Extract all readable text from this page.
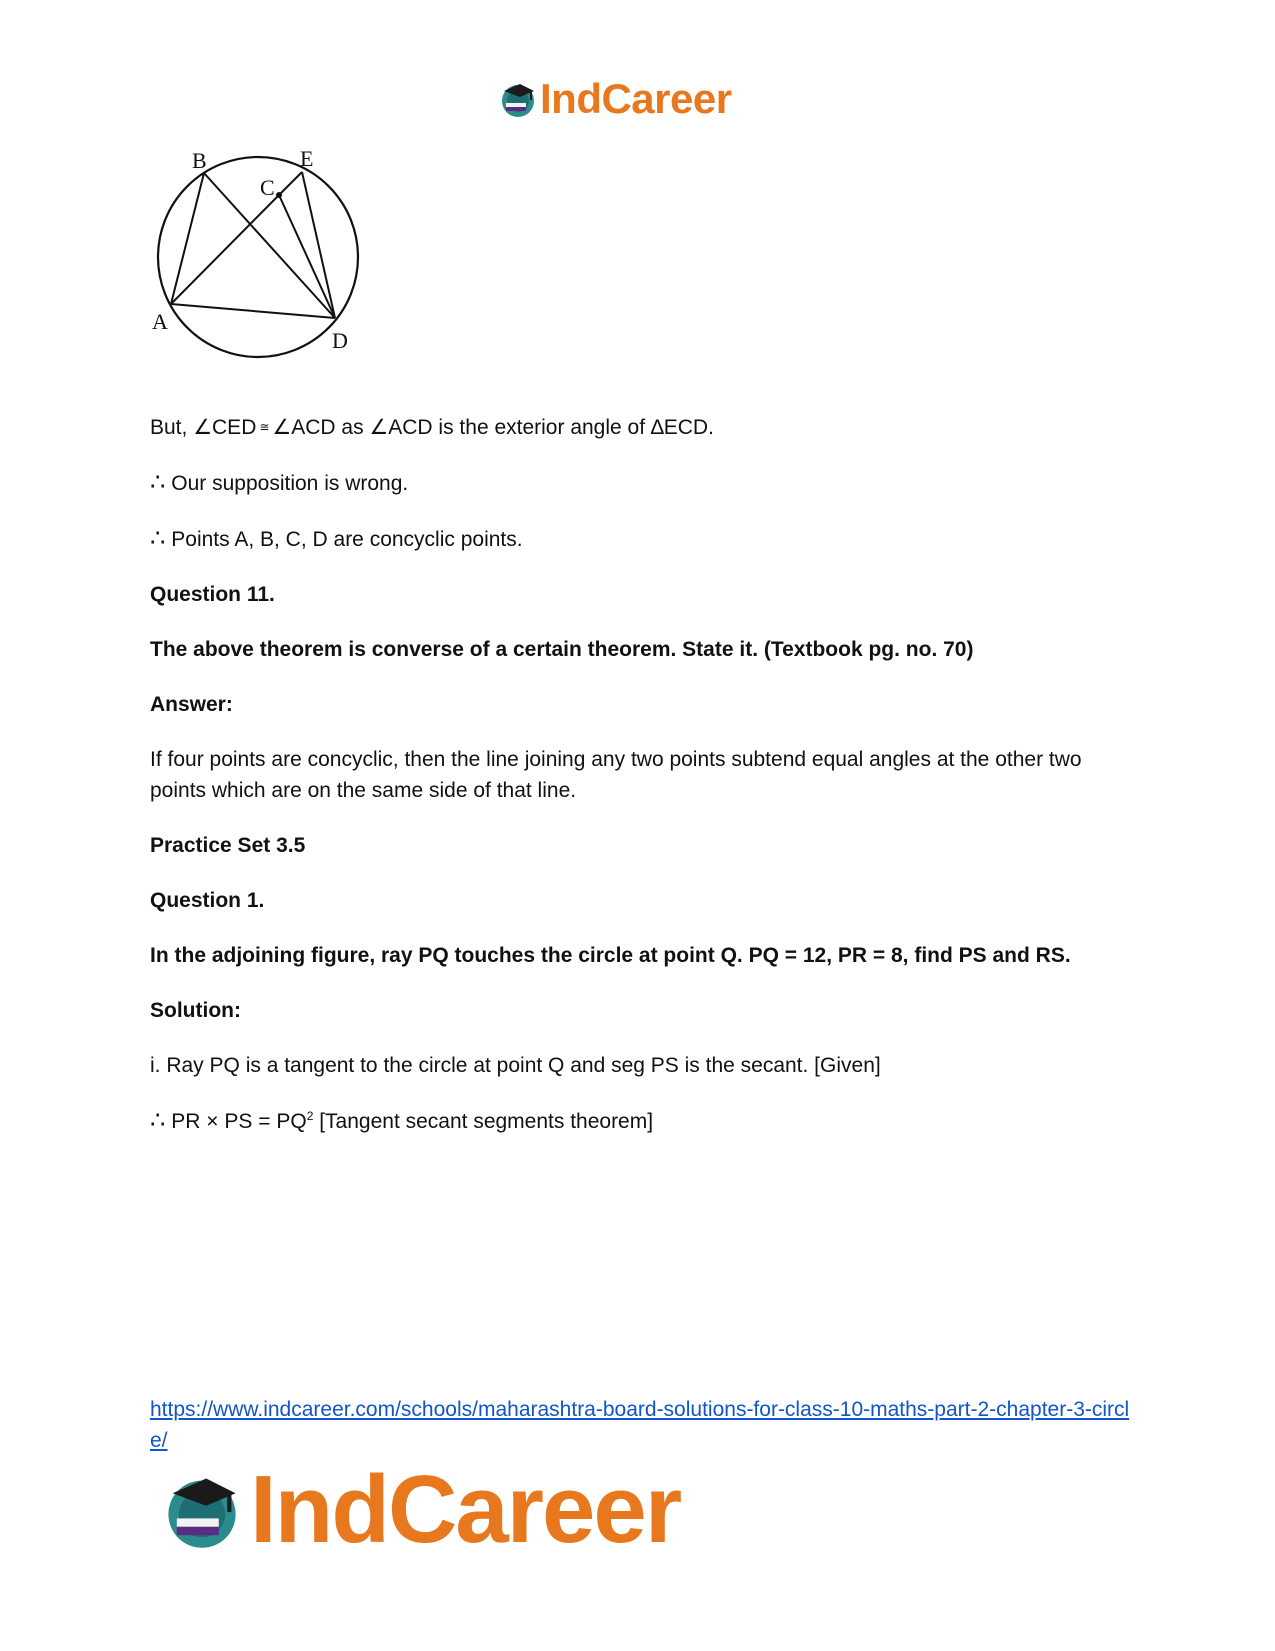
IndCareer
B	E
C
A
D

But, ∠CED ≅ ∠ACD as ∠ACD is the exterior angle of ∆ECD.

∴ Our supposition is wrong.

∴ Points A, B, C, D are concyclic points.

Question 11.

The above theorem is converse of a certain theorem. State it. (Textbook pg. no. 70)

Answer:

If four points are concyclic, then the line joining any two points subtend equal angles at the other two points which are on the same side of that line.

Practice Set 3.5

Question 1.

In the adjoining figure, ray PQ touches the circle at point Q. PQ = 12, PR = 8, find PS and RS.

Solution:

i. Ray PQ is a tangent to the circle at point Q and seg PS is the secant. [Given]

∴ PR × PS = $PQ^2$ [Tangent secant segments theorem]

https://www.indcareer.com/schools/maharashtra-board-solutions-for-class-10-maths-part-2-chapter-3-circle/
IndCareer
